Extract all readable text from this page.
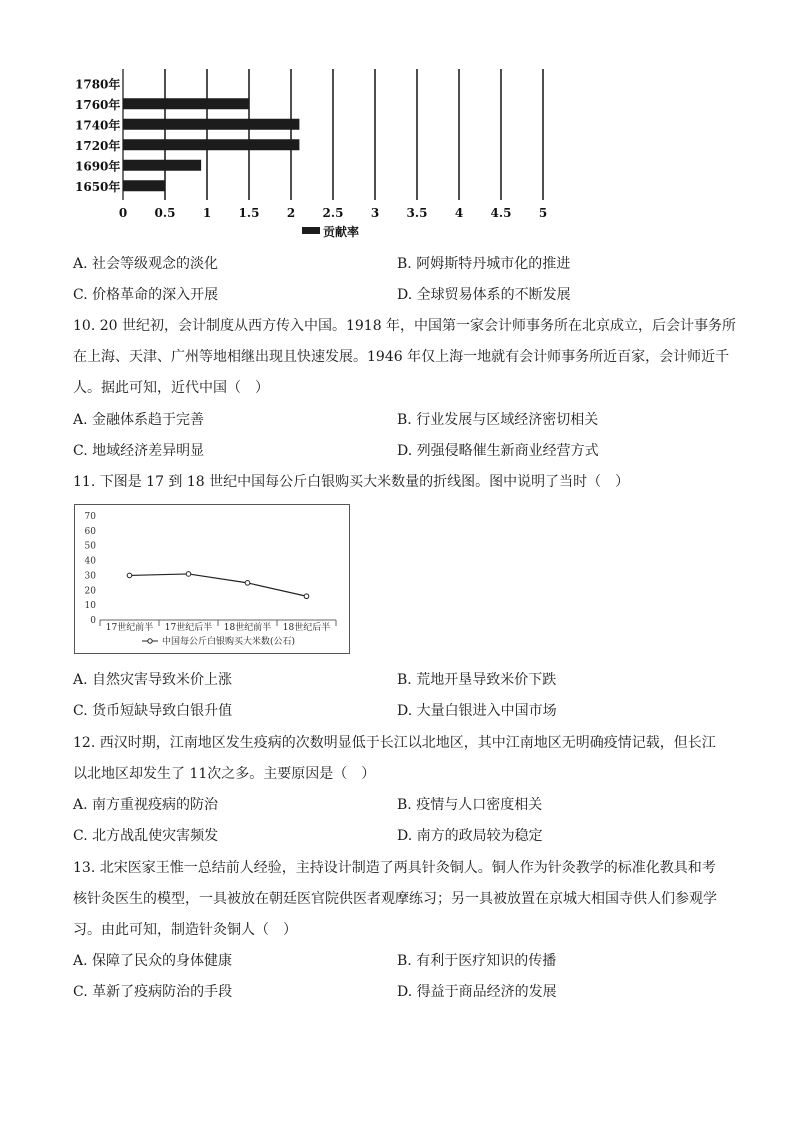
1780年
1760年
1740年
1720年
1690年
1650年
0 0.5 1 1.5 2 2.5 3 3.5 4 4.5 5
贡献率
A. 社会等级观念的淡化	B. 阿姆斯特丹城市化的推进
C. 价格革命的深入开展	D. 全球贸易体系的不断发展
10. 20 世纪初，会计制度从西方传入中国。1918 年，中国第一家会计师事务所在北京成立，后会计事务所
在上海、天津、广州等地相继出现且快速发展。1946 年仅上海一地就有会计师事务所近百家，会计师近千
人。据此可知，近代中国（　）
A. 金融体系趋于完善	B. 行业发展与区域经济密切相关
C. 地域经济差异明显	D. 列强侵略催生新商业经营方式
11. 下图是 17 到 18 世纪中国每公斤白银购买大米数量的折线图。图中说明了当时（　）
0
10
20
30
40
50
60
70
17世纪前半 17世纪后半 18世纪前半 18世纪后半
中国每公斤白银购买大米数(公石)
A. 自然灾害导致米价上涨	B. 荒地开垦导致米价下跌
C. 货币短缺导致白银升值	D. 大量白银进入中国市场
12. 西汉时期，江南地区发生疫病的次数明显低于长江以北地区，其中江南地区无明确疫情记载，但长江
以北地区却发生了 11次之多。主要原因是（　）
A. 南方重视疫病的防治	B. 疫情与人口密度相关
C. 北方战乱使灾害频发	D. 南方的政局较为稳定
13. 北宋医家王惟一总结前人经验，主持设计制造了两具针灸铜人。铜人作为针灸教学的标准化教具和考
核针灸医生的模型，一具被放在朝廷医官院供医者观摩练习；另一具被放置在京城大相国寺供人们参观学
习。由此可知，制造针灸铜人（　）
A. 保障了民众的身体健康	B. 有利于医疗知识的传播
C. 革新了疫病防治的手段	D. 得益于商品经济的发展
